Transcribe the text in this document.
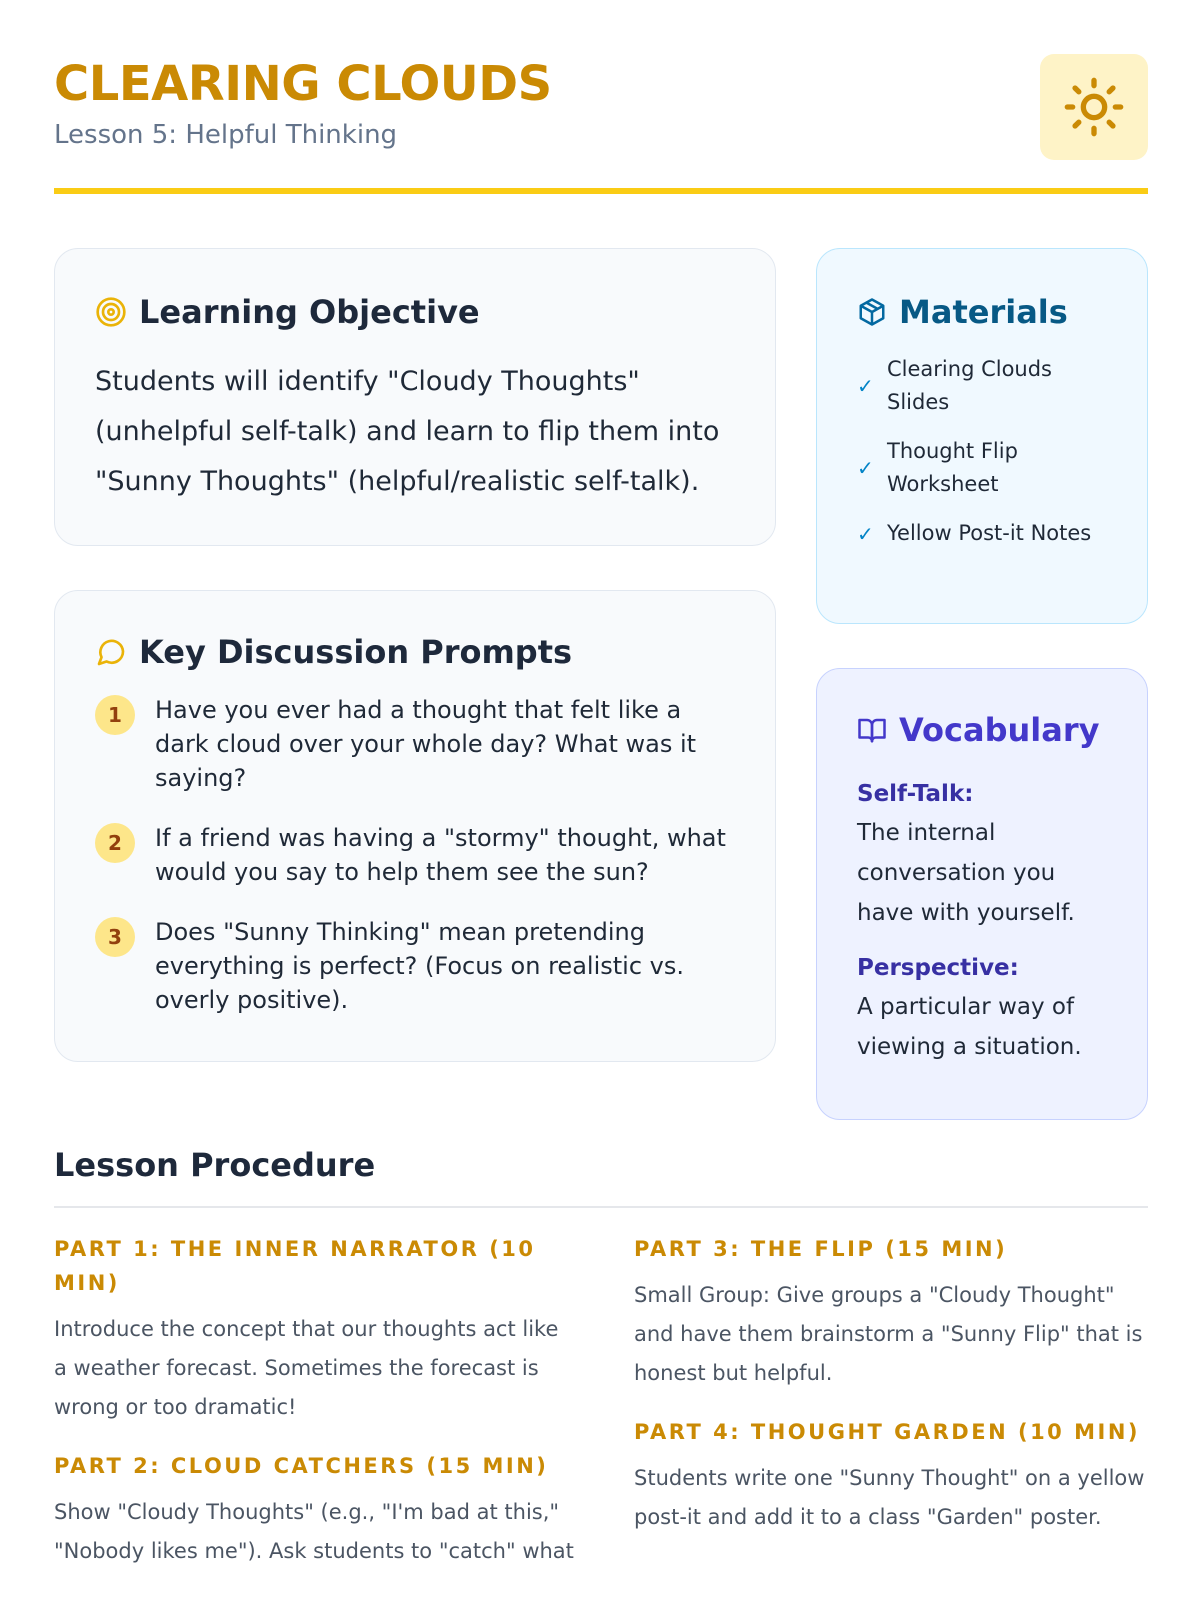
CLEARING CLOUDS
Lesson 5: Helpful Thinking
Learning Objective

Students will identify "Cloudy Thoughts" (unhelpful self-talk) and learn to flip them into "Sunny Thoughts" (helpful/realistic self-talk).

Key Discussion Prompts
1	Have you ever had a thought that felt like a dark cloud over your whole day? What was it saying?
2	If a friend was having a "stormy" thought, what would you say to help them see the sun?
3	Does "Sunny Thinking" mean pretending everything is perfect? (Focus on realistic vs. overly positive).
Materials
✓
Clearing Clouds Slides
✓
Thought Flip Worksheet
✓ Yellow Post-it Notes
Vocabulary
Self-Talk:
The internal conversation you have with yourself.
Perspective:
A particular way of viewing a situation.
Lesson Procedure
PART 1: THE INNER NARRATOR (10 MIN)
Introduce the concept that our thoughts act like a weather forecast. Sometimes the forecast is wrong or too dramatic!
PART 2: CLOUD CATCHERS (15 MIN)
Show "Cloudy Thoughts" (e.g., "I'm bad at this," "Nobody likes me"). Ask students to "catch" what
PART 3: THE FLIP (15 MIN)
Small Group: Give groups a "Cloudy Thought" and have them brainstorm a "Sunny Flip" that is honest but helpful.
PART 4: THOUGHT GARDEN (10 MIN)
Students write one "Sunny Thought" on a yellow post-it and add it to a class "Garden" poster.
